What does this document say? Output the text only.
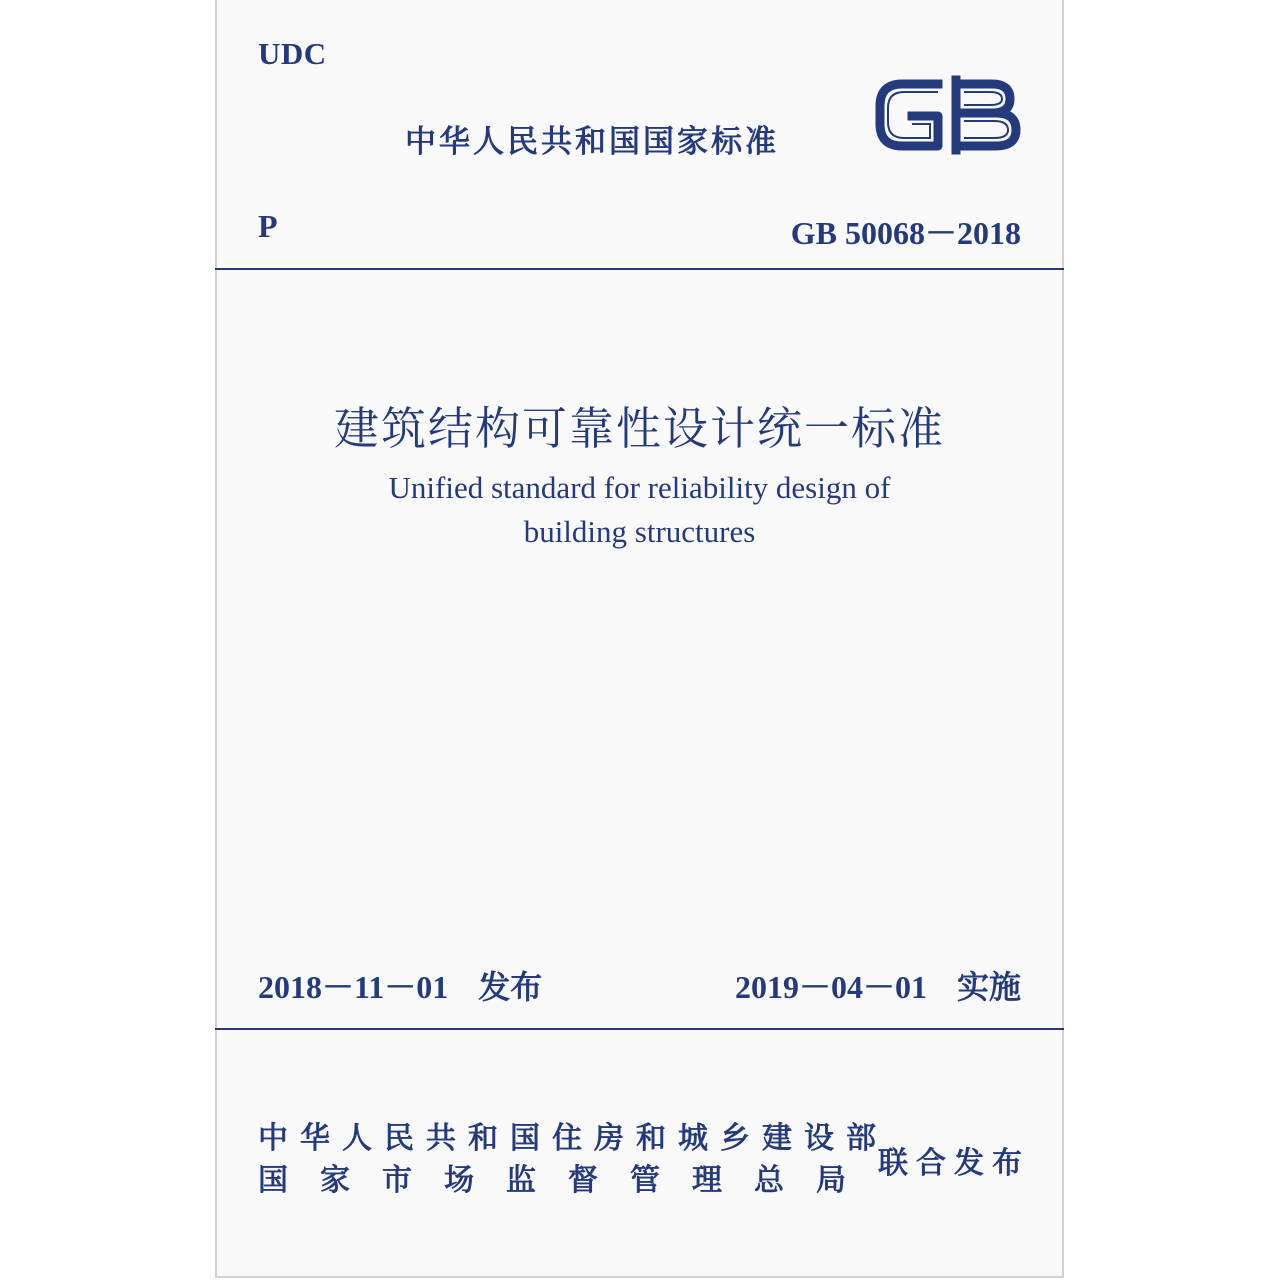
UDC
中华人民共和国国家标准
P	GB 50068－2018
建筑结构可靠性设计统一标准
Unified standard for reliability design of
building structures
2018－11－01 发布	2019－04－01 实施
中华人民共和国住房和城乡建设部
国家市场监督管理总局 联合发布
